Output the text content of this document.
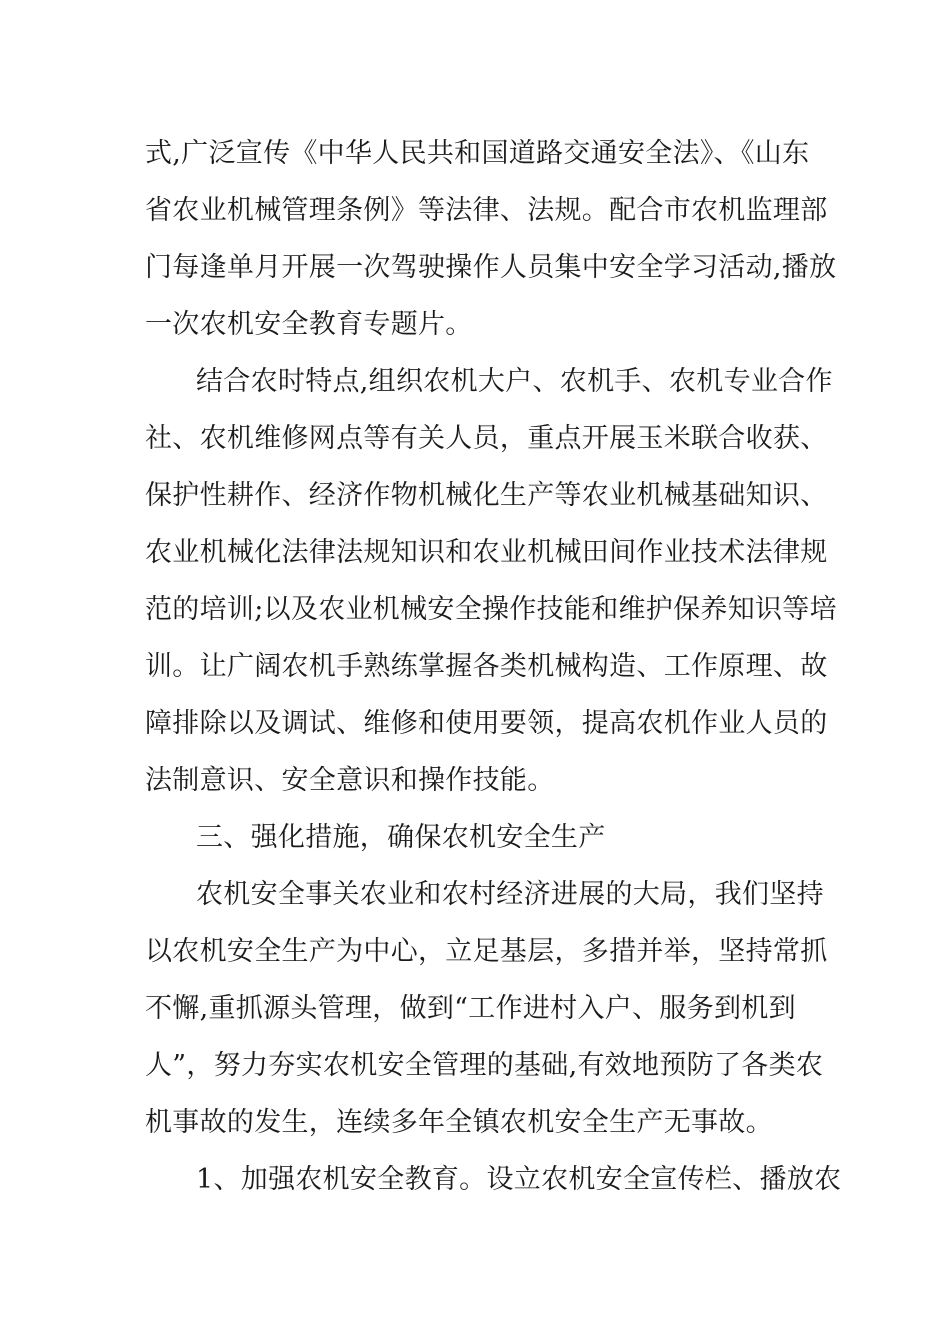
式,广泛宣传《中华人民共和国道路交通安全法》、《山东
省农业机械管理条例》等法律、法规。配合市农机监理部
门每逢单月开展一次驾驶操作人员集中安全学习活动,播放
一次农机安全教育专题片。
结合农时特点,组织农机大户、农机手、农机专业合作
社、农机维修网点等有关人员，重点开展玉米联合收获、
保护性耕作、经济作物机械化生产等农业机械基础知识、
农业机械化法律法规知识和农业机械田间作业技术法律规
范的培训;以及农业机械安全操作技能和维护保养知识等培
训。让广阔农机手熟练掌握各类机械构造、工作原理、故
障排除以及调试、维修和使用要领，提高农机作业人员的
法制意识、安全意识和操作技能。
三、强化措施，确保农机安全生产
农机安全事关农业和农村经济进展的大局，我们坚持
以农机安全生产为中心，立足基层，多措并举，坚持常抓
不懈,重抓源头管理，做到“工作进村入户、服务到机到
人”，努力夯实农机安全管理的基础,有效地预防了各类农
机事故的发生，连续多年全镇农机安全生产无事故。
1、加强农机安全教育。设立农机安全宣传栏、播放农
